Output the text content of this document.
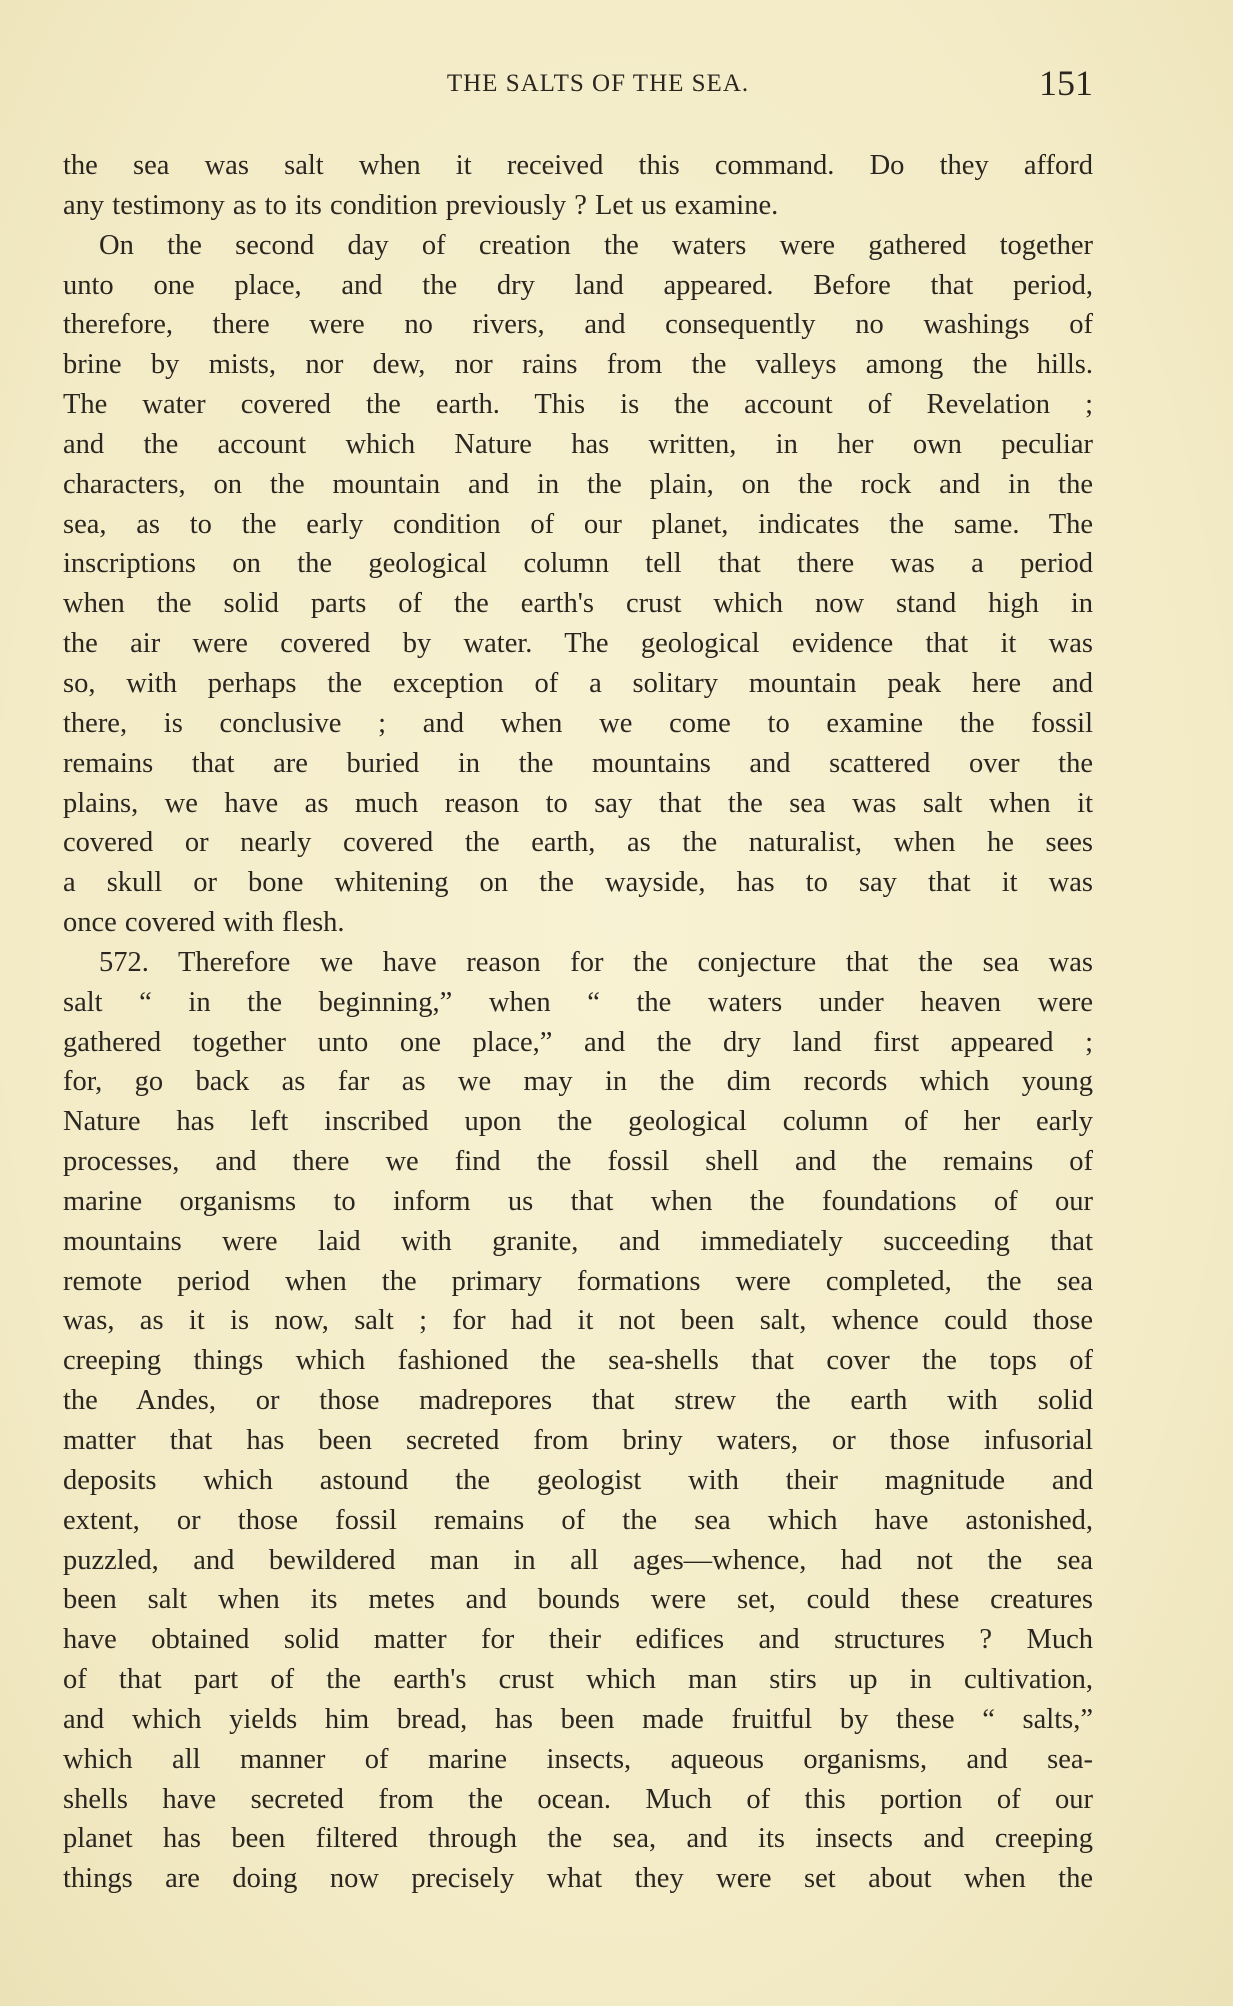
THE SALTS OF THE SEA.	151
the sea was salt when it received this command. Do they afford
any testimony as to its condition previously ? Let us examine.
On the second day of creation the waters were gathered together
unto one place, and the dry land appeared. Before that period,
therefore, there were no rivers, and consequently no washings of
brine by mists, nor dew, nor rains from the valleys among the hills.
The water covered the earth. This is the account of Revelation ;
and the account which Nature has written, in her own peculiar
characters, on the mountain and in the plain, on the rock and in the
sea, as to the early condition of our planet, indicates the same. The
inscriptions on the geological column tell that there was a period
when the solid parts of the earth's crust which now stand high in
the air were covered by water. The geological evidence that it was
so, with perhaps the exception of a solitary mountain peak here and
there, is conclusive ; and when we come to examine the fossil
remains that are buried in the mountains and scattered over the
plains, we have as much reason to say that the sea was salt when it
covered or nearly covered the earth, as the naturalist, when he sees
a skull or bone whitening on the wayside, has to say that it was
once covered with flesh.
572. Therefore we have reason for the conjecture that the sea was
salt “ in the beginning,” when “ the waters under heaven were
gathered together unto one place,” and the dry land first appeared ;
for, go back as far as we may in the dim records which young
Nature has left inscribed upon the geological column of her early
processes, and there we find the fossil shell and the remains of
marine organisms to inform us that when the foundations of our
mountains were laid with granite, and immediately succeeding that
remote period when the primary formations were completed, the sea
was, as it is now, salt ; for had it not been salt, whence could those
creeping things which fashioned the sea-shells that cover the tops of
the Andes, or those madrepores that strew the earth with solid
matter that has been secreted from briny waters, or those infusorial
deposits which astound the geologist with their magnitude and
extent, or those fossil remains of the sea which have astonished,
puzzled, and bewildered man in all ages—whence, had not the sea
been salt when its metes and bounds were set, could these creatures
have obtained solid matter for their edifices and structures ? Much
of that part of the earth's crust which man stirs up in cultivation,
and which yields him bread, has been made fruitful by these “ salts,”
which all manner of marine insects, aqueous organisms, and sea-
shells have secreted from the ocean. Much of this portion of our
planet has been filtered through the sea, and its insects and creeping
things are doing now precisely what they were set about when the
